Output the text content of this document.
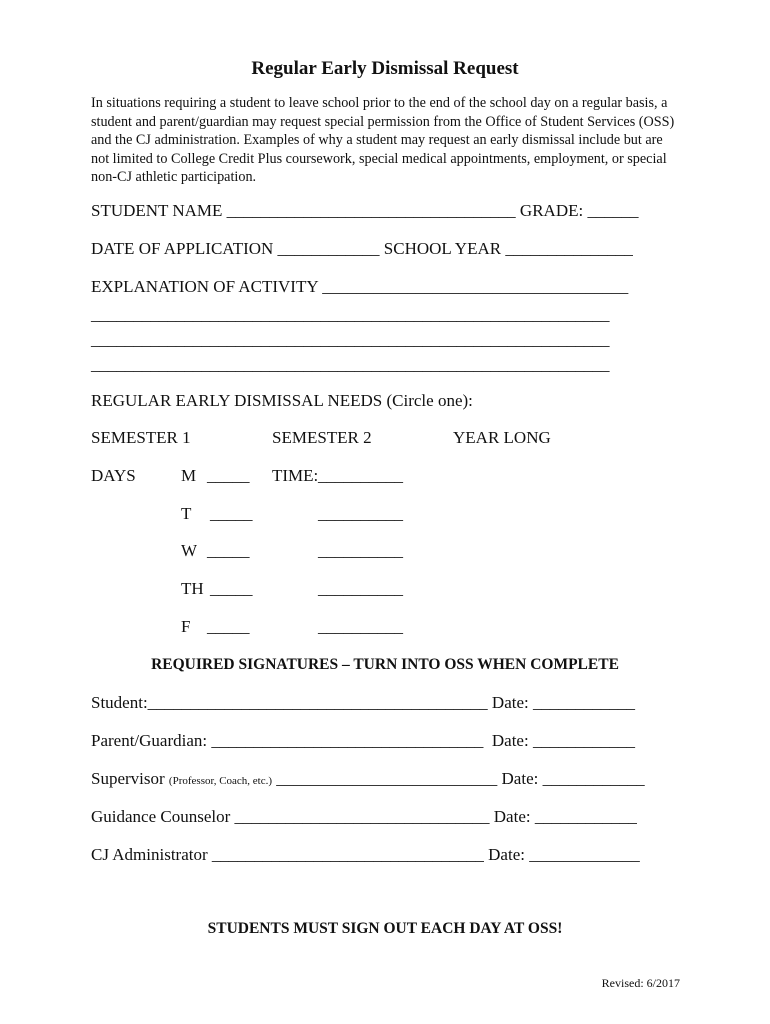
Regular Early Dismissal Request
In situations requiring a student to leave school prior to the end of the school day on a regular basis, a student and parent/guardian may request special permission from the Office of Student Services (OSS) and the CJ administration. Examples of why a student may request an early dismissal include but are not limited to College Credit Plus coursework, special medical appointments, employment, or special non-CJ athletic participation.
STUDENT NAME __________________________________ GRADE: ______
DATE OF APPLICATION ____________ SCHOOL YEAR _______________
EXPLANATION OF ACTIVITY ____________________________________
_____________________________________________________________
_____________________________________________________________
_____________________________________________________________
REGULAR EARLY DISMISSAL NEEDS (Circle one):
SEMESTER 1	SEMESTER 2	YEAR LONG
DAYS	M _____ TIME: __________
T _____	__________
W _____	__________
TH _____	__________
F _____	__________
REQUIRED SIGNATURES – TURN INTO OSS WHEN COMPLETE
Student:________________________________________ Date: ____________
Parent/Guardian: ________________________________  Date: ____________
Supervisor (Professor, Coach, etc.) __________________________ Date: ____________
Guidance Counselor ______________________________ Date: ____________
CJ Administrator ________________________________ Date: _____________
STUDENTS MUST SIGN OUT EACH DAY AT OSS!
Revised: 6/2017
